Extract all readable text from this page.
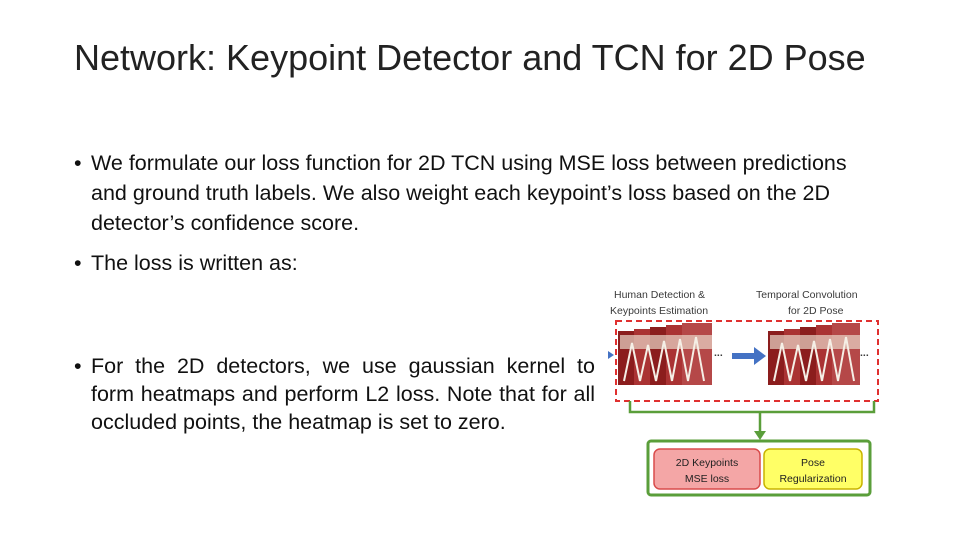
Network: Keypoint Detector and TCN for 2D Pose
• We formulate our loss function for 2D TCN using MSE loss between predictions and ground truth labels. We also weight each keypoint’s loss based on the 2D detector’s confidence score.
• The loss is written as:
• For the 2D detectors, we use gaussian kernel to form heatmaps and perform L2 loss. Note that for all occluded points, the heatmap is set to zero.
Human Detection &
Keypoints Estimation
Temporal Convolution
for 2D Pose
...	...
2D Keypoints
MSE loss
Pose
Regularization
